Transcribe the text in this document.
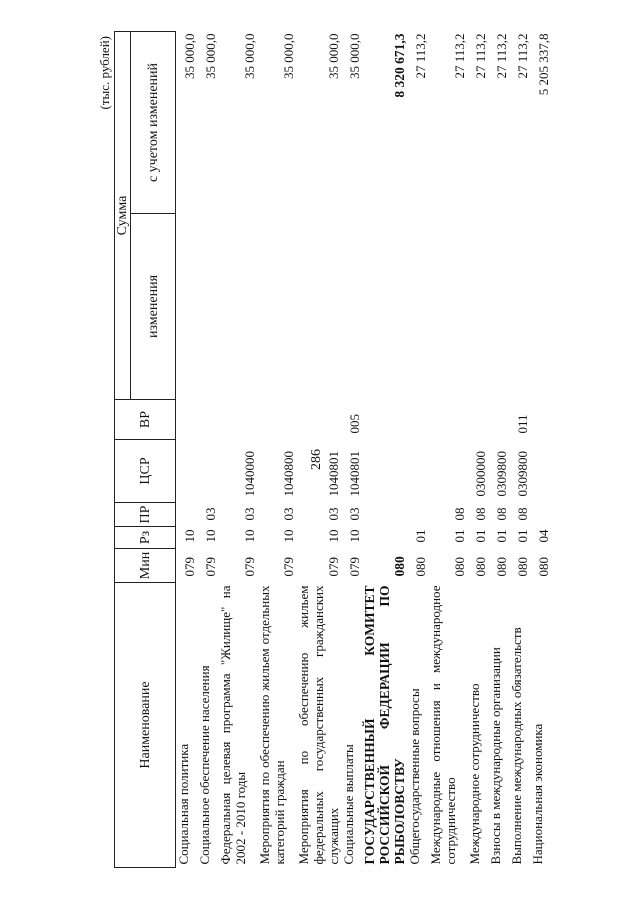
286
(тыс. рублей)
Наименование	Мин	Рз	ПР	ЦСР	ВР	Сумма	
						изменения	с учетом изменений
Социальная политика	079	10					35 000,0
Социальное обеспечение населения	079	10	03				35 000,0
Федеральная целевая программа "Жилище" на 2002 - 2010 годы	079	10	03	1040000			35 000,0
Мероприятия по обеспечению жильем отдельных категорий граждан	079	10	03	1040800			35 000,0
Мероприятия по обеспечению жильем федеральных государственных гражданских служащих	079	10	03	1040801			35 000,0
Социальные выплаты	079	10	03	1040801	005		35 000,0
ГОСУДАРСТВЕННЫЙ КОМИТЕТ РОССИЙСКОЙ ФЕДЕРАЦИИ ПО РЫБОЛОВСТВУ	080						8 320 671,3
Общегосударственные вопросы	080	01					27 113,2
Международные отношения и международное сотрудничество	080	01	08				27 113,2
Международное сотрудничество	080	01	08	0300000			27 113,2
Взносы в международные организации	080	01	08	0309800			27 113,2
Выполнение международных обязательств	080	01	08	0309800	011		27 113,2
Национальная экономика	080	04					5 205 337,8
